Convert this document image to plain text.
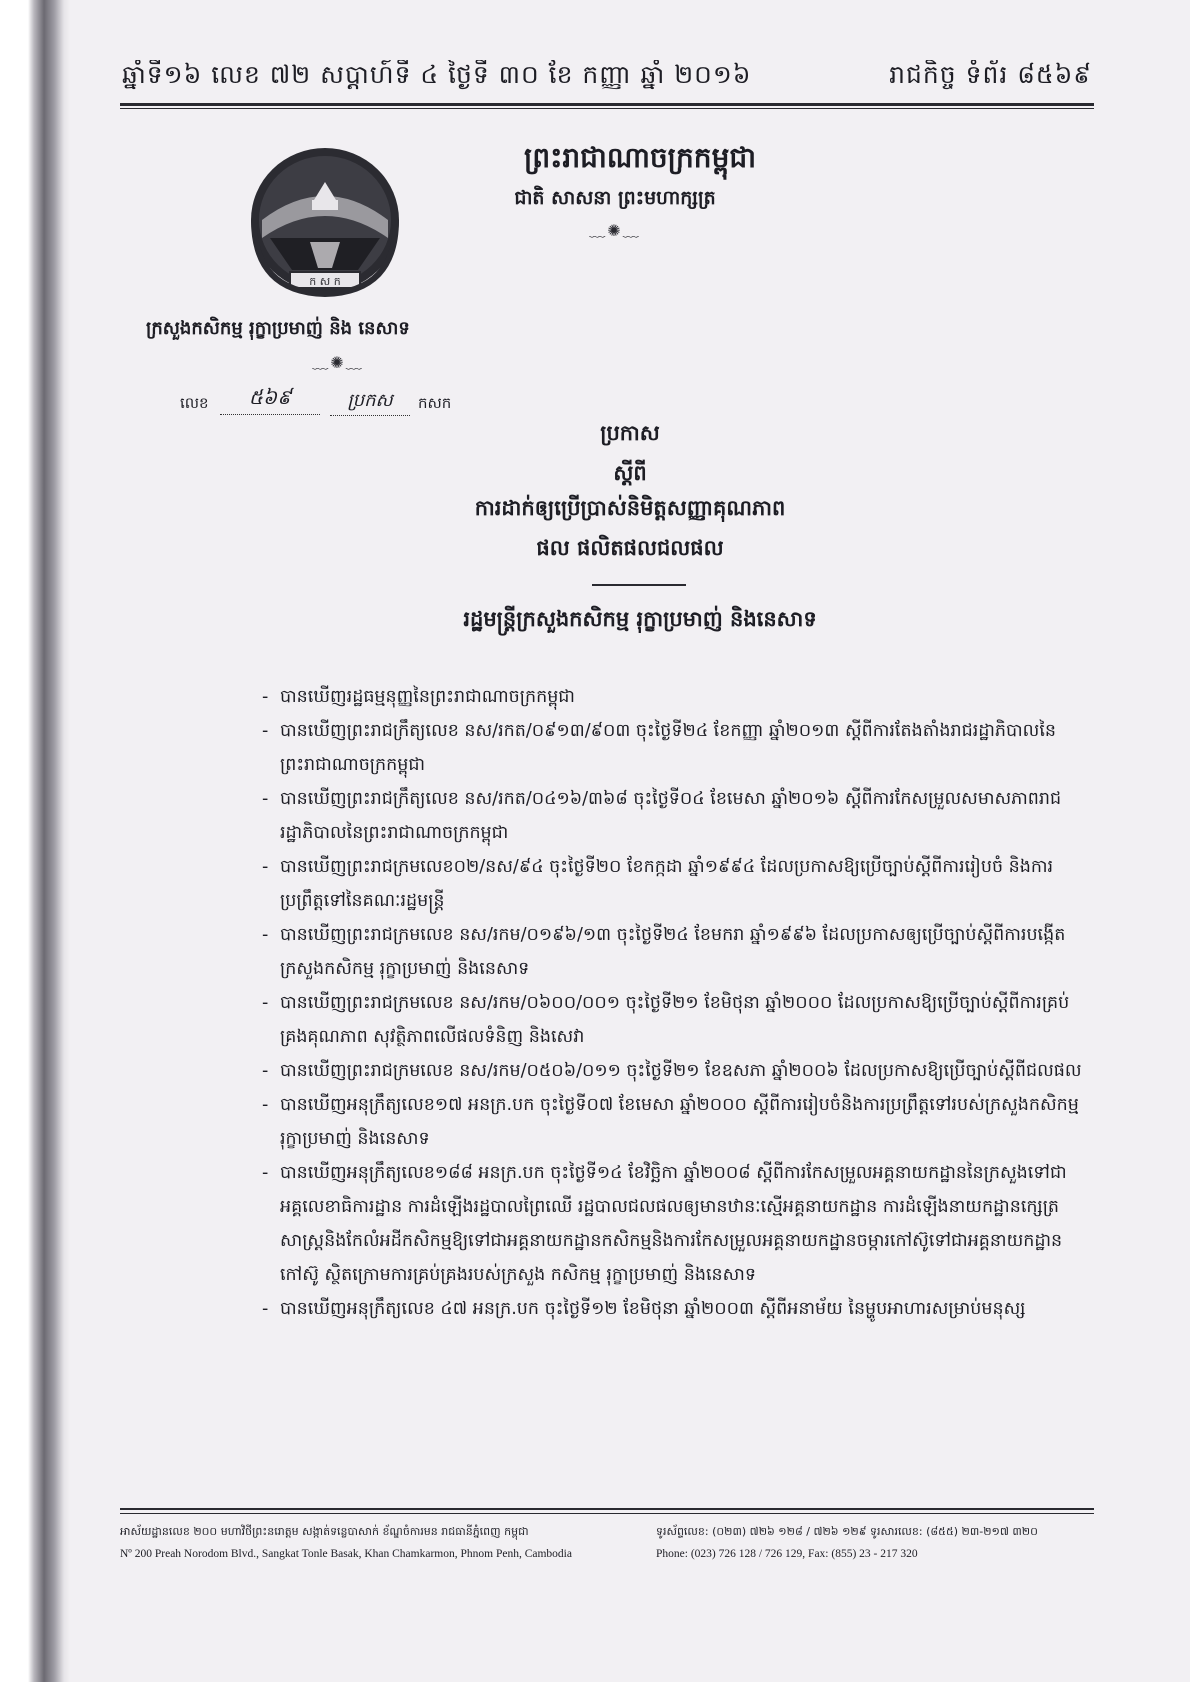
ឆ្នាំទី១៦ លេខ ៧២ សប្តាហ៍ទី ៤ ថ្ងៃទី ៣០ ខែ កញ្ញា ឆ្នាំ ២០១៦	រាជកិច្ច ទំព័រ ៨៥៦៩
ក ស ក
ព្រះរាជាណាចក្រកម្ពុជា
ជាតិ សាសនា ព្រះមហាក្សត្រ
﹏✺﹏
ក្រសួងកសិកម្ម រុក្ខាប្រមាញ់ និង នេសាទ
﹏✺﹏
លេខ	៥៦៩	ប្រកស	កសក
ប្រកាស
ស្តីពី
ការដាក់ឲ្យប្រើប្រាស់និមិត្តសញ្ញាគុណភាព
ផល ផលិតផលជលផល
រដ្ឋមន្ត្រីក្រសួងកសិកម្ម រុក្ខាប្រមាញ់ និងនេសាទ
- បានឃើញរដ្ឋធម្មនុញ្ញនៃព្រះរាជាណាចក្រកម្ពុជា
- បានឃើញព្រះរាជក្រឹត្យលេខ នស/រកត/០៩១៣/៩០៣ ចុះថ្ងៃទី២៤ ខែកញ្ញា ឆ្នាំ២០១៣ ស្តីពីការតែងតាំងរាជរដ្ឋាភិបាលនៃព្រះរាជាណាចក្រកម្ពុជា
- បានឃើញព្រះរាជក្រឹត្យលេខ នស/រកត/០៤១៦/៣៦៨ ចុះថ្ងៃទី០៤ ខែមេសា ឆ្នាំ២០១៦ ស្តីពីការកែសម្រួលសមាសភាពរាជរដ្ឋាភិបាលនៃព្រះរាជាណាចក្រកម្ពុជា
- បានឃើញព្រះរាជក្រមលេខ០២/នស/៩៤ ចុះថ្ងៃទី២០ ខែកក្កដា ឆ្នាំ១៩៩៤ ដែលប្រកាសឱ្យប្រើច្បាប់ស្តីពីការរៀបចំ និងការប្រព្រឹត្តទៅនៃគណៈរដ្ឋមន្ត្រី
- បានឃើញព្រះរាជក្រមលេខ នស/រកម/០១៩៦/១៣ ចុះថ្ងៃទី២៤ ខែមករា ឆ្នាំ១៩៩៦ ដែលប្រកាសឲ្យប្រើច្បាប់ស្តីពីការបង្កើតក្រសួងកសិកម្ម រុក្ខាប្រមាញ់ និងនេសាទ
- បានឃើញព្រះរាជក្រមលេខ នស/រកម/០៦០០/០០១ ចុះថ្ងៃទី២១ ខែមិថុនា ឆ្នាំ២០០០ ដែលប្រកាសឱ្យប្រើច្បាប់ស្តីពីការគ្រប់គ្រងគុណភាព សុវត្ថិភាពលើផលទំនិញ និងសេវា
- បានឃើញព្រះរាជក្រមលេខ នស/រកម/០៥០៦/០១១ ចុះថ្ងៃទី២១ ខែឧសភា ឆ្នាំ២០០៦ ដែលប្រកាសឱ្យប្រើច្បាប់ស្តីពីជលផល
- បានឃើញអនុក្រឹត្យលេខ១៧ អនក្រ.បក ចុះថ្ងៃទី០៧ ខែមេសា ឆ្នាំ២០០០ ស្តីពីការរៀបចំនិងការប្រព្រឹត្តទៅរបស់ក្រសួងកសិកម្ម រុក្ខាប្រមាញ់ និងនេសាទ
- បានឃើញអនុក្រឹត្យលេខ១៨៨ អនក្រ.បក ចុះថ្ងៃទី១៤ ខែវិច្ឆិកា ឆ្នាំ២០០៨ ស្តីពីការកែសម្រួលអគ្គនាយកដ្ឋាននៃក្រសួងទៅជាអគ្គលេខាធិការដ្ឋាន ការដំឡើងរដ្ឋបាលព្រៃឈើ រដ្ឋបាលជលផលឲ្យមានឋានៈស្មើអគ្គនាយកដ្ឋាន ការដំឡើងនាយកដ្ឋានក្សេត្រសាស្ត្រនិងកែលំអដីកសិកម្មឱ្យទៅជាអគ្គនាយកដ្ឋានកសិកម្មនិងការកែសម្រួលអគ្គនាយកដ្ឋានចម្ការកៅស៊ូទៅជាអគ្គនាយកដ្ឋានកៅស៊ូ ស្ថិតក្រោមការគ្រប់គ្រងរបស់ក្រសួង កសិកម្ម រុក្ខាប្រមាញ់ និងនេសាទ
- បានឃើញអនុក្រឹត្យលេខ ៤៧ អនក្រ.បក ចុះថ្ងៃទី១២ ខែមិថុនា ឆ្នាំ២០០៣ ស្តីពីអនាម័យ នៃម្ហូបអាហារសម្រាប់មនុស្ស
អាស័យដ្ឋានលេខ ២០០ មហាវិថីព្រះនរោត្តម សង្កាត់ទន្លេបាសាក់ ខ័ណ្ឌចំការមន រាជធានីភ្នំពេញ កម្ពុជា
Nº 200 Preah Norodom Blvd., Sangkat Tonle Basak, Khan Chamkarmon, Phnom Penh, Cambodia
ទូរស័ព្ទលេខ: (០២៣) ៧២៦ ១២៨ / ៧២៦ ១២៩ ទូរសារលេខ: (៨៥៥) ២៣-២១៧ ៣២០
Phone: (023) 726 128 / 726 129, Fax: (855) 23 - 217 320
